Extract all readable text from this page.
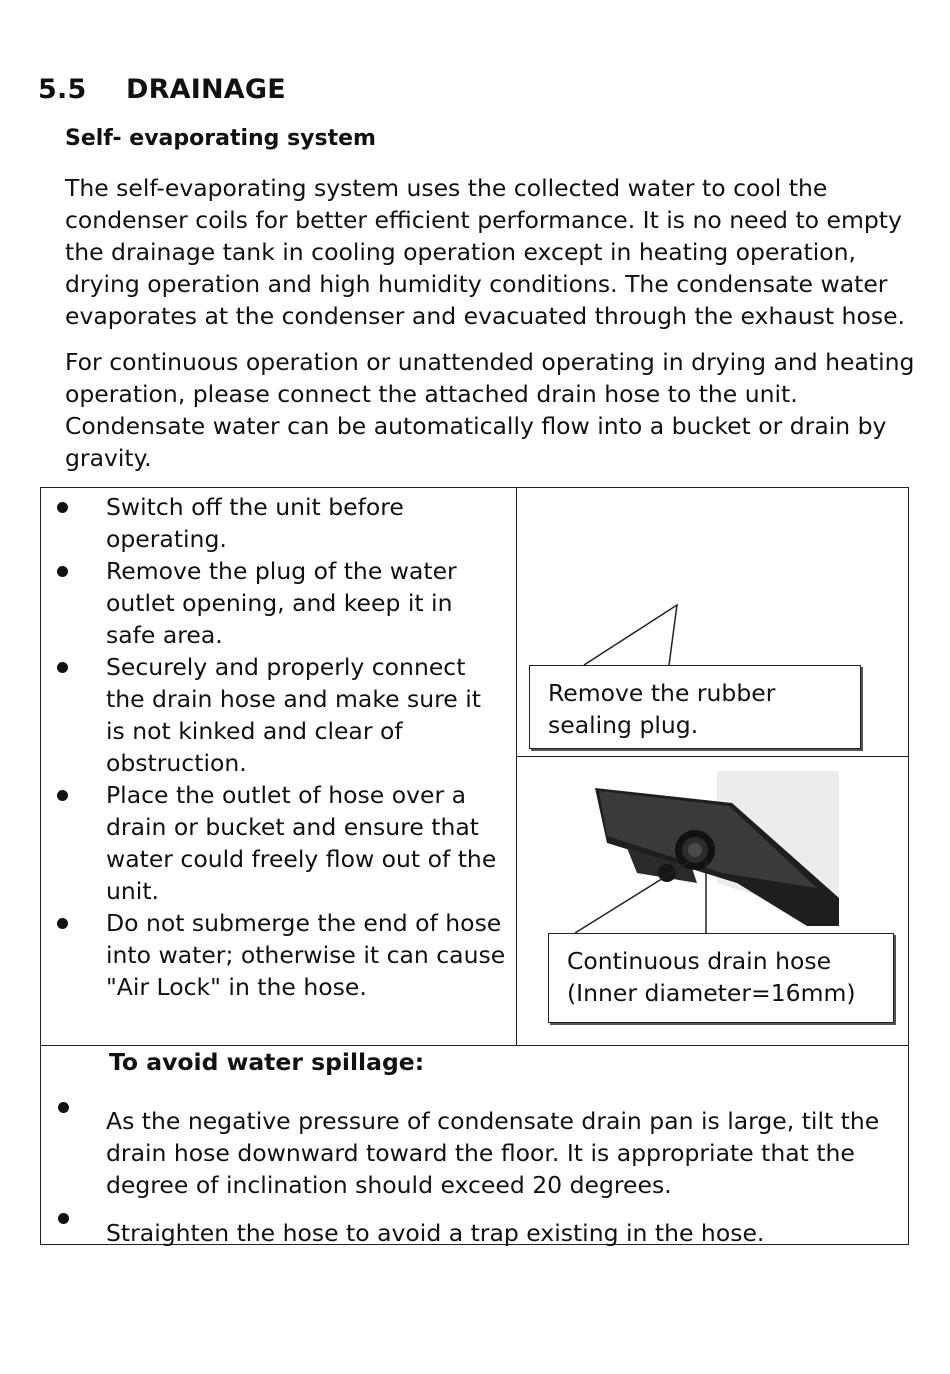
5.5 DRAINAGE
Self- evaporating system
The self-evaporating system uses the collected water to cool the
condenser coils for better efficient performance. It is no need to empty
the drainage tank in cooling operation except in heating operation,
drying operation and high humidity conditions. The condensate water
evaporates at the condenser and evacuated through the exhaust hose.
For continuous operation or unattended operating in drying and heating
operation, please connect the attached drain hose to the unit.
Condensate water can be automatically flow into a bucket or drain by
gravity.
Switch off the unit before
operating.
Remove the plug of the water
outlet opening, and keep it in
safe area.
Securely and properly connect
the drain hose and make sure it
is not kinked and clear of
obstruction.
Place the outlet of hose over a
drain or bucket and ensure that
water could freely flow out of the
unit.
Do not submerge the end of hose
into water; otherwise it can cause
"Air Lock" in the hose.

Remove the rubber
sealing plug.
Continuous drain hose
(Inner diameter=16mm)

To avoid water spillage:
As the negative pressure of condensate drain pan is large, tilt the
drain hose downward toward the floor. It is appropriate that the
degree of inclination should exceed 20 degrees.
Straighten the hose to avoid a trap existing in the hose.
